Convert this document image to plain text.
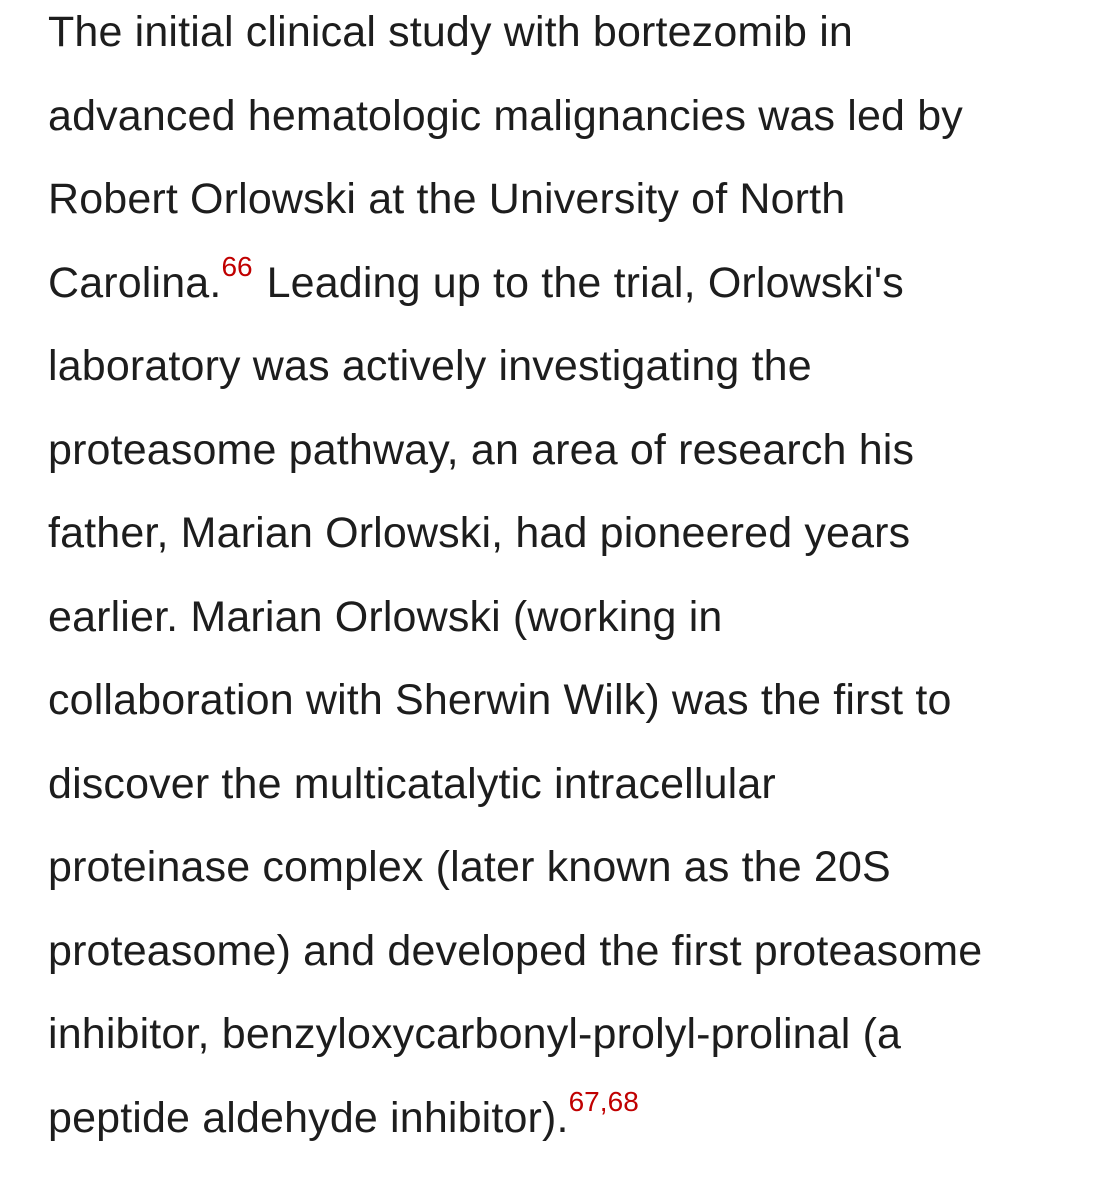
The initial clinical study with bortezomib in
advanced hematologic malignancies was led by
Robert Orlowski at the University of North
Carolina.$^{66}$ Leading up to the trial, Orlowski's
laboratory was actively investigating the
proteasome pathway, an area of research his
father, Marian Orlowski, had pioneered years
earlier. Marian Orlowski (working in
collaboration with Sherwin Wilk) was the first to
discover the multicatalytic intracellular
proteinase complex (later known as the 20S
proteasome) and developed the first proteasome
inhibitor, benzyloxycarbonyl-prolyl-prolinal (a
peptide aldehyde inhibitor).$^{67,68}$
